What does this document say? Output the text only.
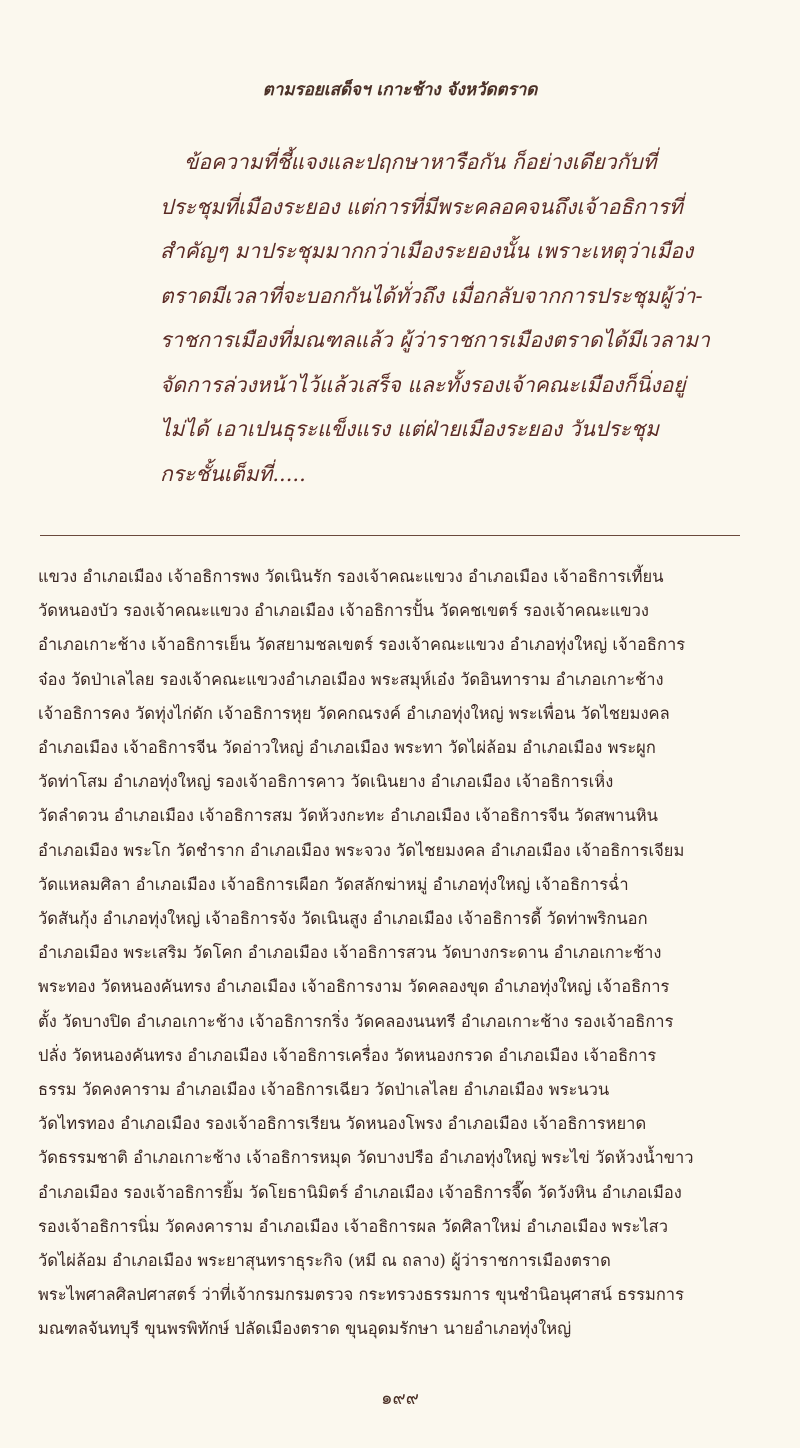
ตามรอยเสด็จฯ เกาะช้าง จังหวัดตราด
ข้อความที่ชี้แจงและปฤกษาหารือกัน ก็อย่างเดียวกับที่
ประชุมที่เมืองระยอง แต่การที่มีพระคลอคจนถึงเจ้าอธิการที่
สำคัญๆ มาประชุมมากกว่าเมืองระยองนั้น เพราะเหตุว่าเมือง
ตราดมีเวลาที่จะบอกกันได้ทั่วถึง เมื่อกลับจากการประชุมผู้ว่า-
ราชการเมืองที่มณฑลแล้ว ผู้ว่าราชการเมืองตราดได้มีเวลามา
จัดการล่วงหน้าไว้แล้วเสร็จ และทั้งรองเจ้าคณะเมืองก็นิ่งอยู่
ไม่ได้ เอาเปนธุระแข็งแรง แต่ฝ่ายเมืองระยอง วันประชุม
กระชั้นเต็มที่.....
แขวง อำเภอเมือง เจ้าอธิการพง วัดเนินรัก รองเจ้าคณะแขวง อำเภอเมือง เจ้าอธิการเที้ยน
วัดหนองบัว รองเจ้าคณะแขวง อำเภอเมือง เจ้าอธิการปั้น วัดคชเขตร์ รองเจ้าคณะแขวง
อำเภอเกาะช้าง เจ้าอธิการเย็น วัดสยามชลเขตร์ รองเจ้าคณะแขวง อำเภอทุ่งใหญ่ เจ้าอธิการ
จ๋อง วัดป่าเลไลย รองเจ้าคณะแขวงอำเภอเมือง พระสมุห์เอ๋ง วัดอินทาราม อำเภอเกาะช้าง
เจ้าอธิการคง วัดทุ่งไก่ดัก เจ้าอธิการหุย วัดคกณรงค์ อำเภอทุ่งใหญ่ พระเพื่อน วัดไชยมงคล
อำเภอเมือง เจ้าอธิการจีน วัดอ่าวใหญ่ อำเภอเมือง พระทา วัดไผ่ล้อม อำเภอเมือง พระผูก
วัดท่าโสม อำเภอทุ่งใหญ่ รองเจ้าอธิการคาว วัดเนินยาง อำเภอเมือง เจ้าอธิการเหิ่ง
วัดลำดวน อำเภอเมือง เจ้าอธิการสม วัดห้วงกะทะ อำเภอเมือง เจ้าอธิการจีน วัดสพานหิน
อำเภอเมือง พระโก วัดชำราก อำเภอเมือง พระจวง วัดไชยมงคล อำเภอเมือง เจ้าอธิการเจียม
วัดแหลมศิลา อำเภอเมือง เจ้าอธิการเผือก วัดสลักฆ่าหมู่ อำเภอทุ่งใหญ่ เจ้าอธิการฉ่ำ
วัดสันกุ้ง อำเภอทุ่งใหญ่ เจ้าอธิการจัง วัดเนินสูง อำเภอเมือง เจ้าอธิการดี้ วัดท่าพริกนอก
อำเภอเมือง พระเสริม วัดโคก อำเภอเมือง เจ้าอธิการสวน วัดบางกระดาน อำเภอเกาะช้าง
พระทอง วัดหนองคันทรง อำเภอเมือง เจ้าอธิการงาม วัดคลองขุด อำเภอทุ่งใหญ่ เจ้าอธิการ
ตั้ง วัดบางปิด อำเภอเกาะช้าง เจ้าอธิการกริ่ง วัดคลองนนทรี อำเภอเกาะช้าง รองเจ้าอธิการ
ปลั่ง วัดหนองคันทรง อำเภอเมือง เจ้าอธิการเครื่อง วัดหนองกรวด อำเภอเมือง เจ้าอธิการ
ธรรม วัดคงคาราม อำเภอเมือง เจ้าอธิการเฉียว วัดป่าเลไลย อำเภอเมือง พระนวน
วัดไทรทอง อำเภอเมือง รองเจ้าอธิการเรียน วัดหนองโพรง อำเภอเมือง เจ้าอธิการหยาด
วัดธรรมชาติ อำเภอเกาะช้าง เจ้าอธิการหมุด วัดบางปรือ อำเภอทุ่งใหญ่ พระไข่ วัดห้วงน้ำขาว
อำเภอเมือง รองเจ้าอธิการยิ้ม วัดโยธานิมิตร์ อำเภอเมือง เจ้าอธิการจี๊ด วัดวังหิน อำเภอเมือง
รองเจ้าอธิการนิ่ม วัดคงคาราม อำเภอเมือง เจ้าอธิการผล วัดศิลาใหม่ อำเภอเมือง พระไสว
วัดไผ่ล้อม อำเภอเมือง พระยาสุนทราธุระกิจ (หมี ณ ถลาง) ผู้ว่าราชการเมืองตราด
พระไพศาลศิลปศาสตร์ ว่าที่เจ้ากรมกรมตรวจ กระทรวงธรรมการ ขุนชำนิอนุศาสน์ ธรรมการ
มณฑลจันทบุรี ขุนพรพิทักษ์ ปลัดเมืองตราด ขุนอุดมรักษา นายอำเภอทุ่งใหญ่
๑๙๙
